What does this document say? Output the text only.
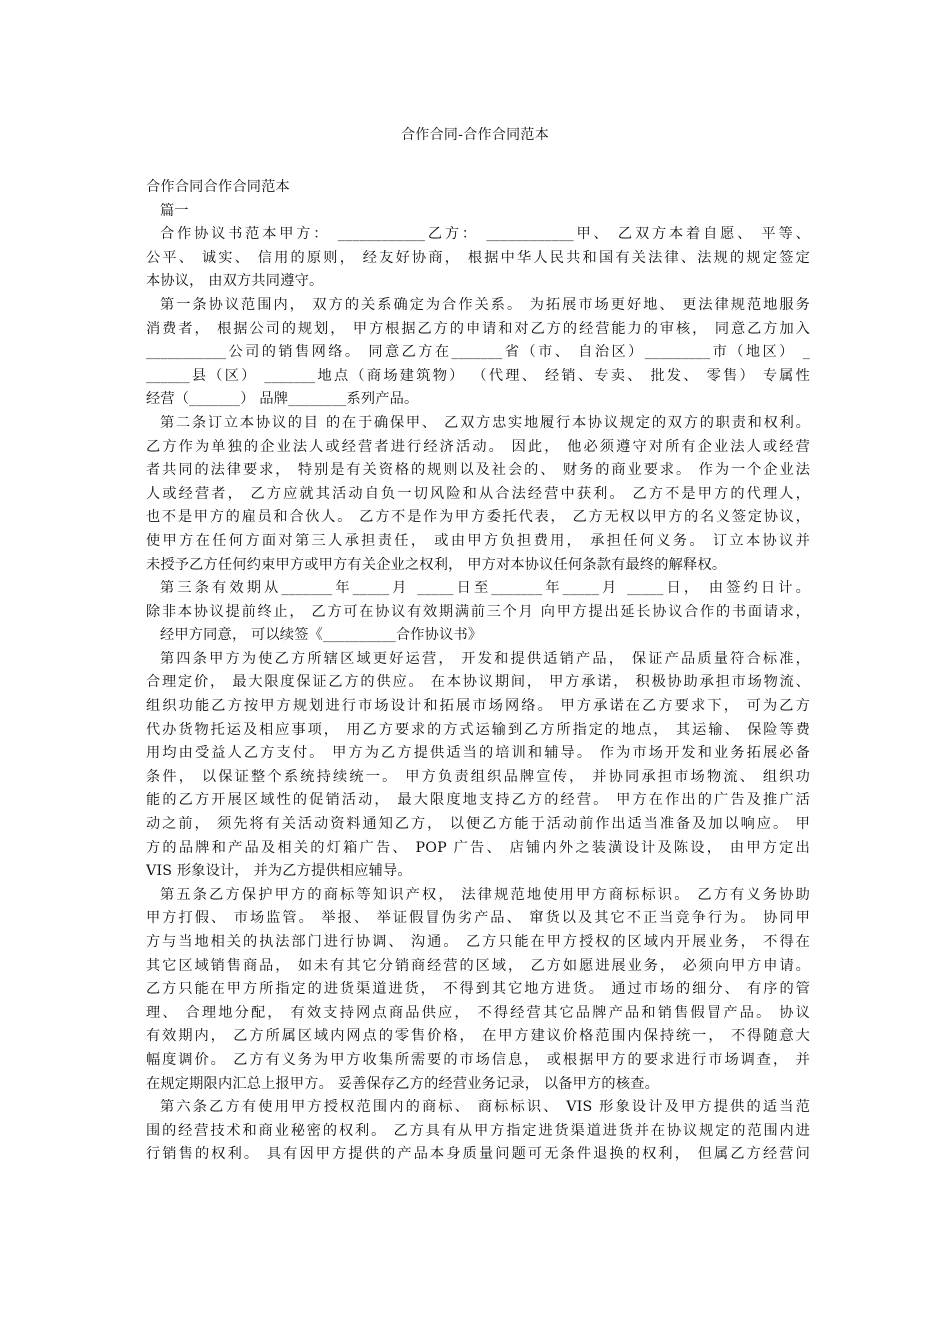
合作合同-合作合同范本
合作合同合作合同范本
篇一
合作协议书范本甲方： ____________乙方： ____________甲、 乙双方本着自愿、 平等、
公平、 诚实、 信用的原则， 经友好协商， 根据中华人民共和国有关法律、法规的规定签定
本协议， 由双方共同遵守。
第一条协议范围内， 双方的关系确定为合作关系。 为拓展市场更好地、 更法律规范地服务
消费者， 根据公司的规划， 甲方根据乙方的申请和对乙方的经营能力的审核， 同意乙方加入
___________公司的销售网络。 同意乙方在_______省（市、 自治区）_________市（地区） _
______县（区） _______地点（商场建筑物） （代理、 经销、专卖、 批发、 零售） 专属性
经营（_______） 品牌________系列产品。
第二条订立本协议的目 的在于确保甲、 乙双方忠实地履行本协议规定的双方的职责和权利。
乙方作为单独的企业法人或经营者进行经济活动。 因此， 他必须遵守对所有企业法人或经营
者共同的法律要求， 特别是有关资格的规则以及社会的、 财务的商业要求。 作为一个企业法
人或经营者， 乙方应就其活动自负一切风险和从合法经营中获利。 乙方不是甲方的代理人，
也不是甲方的雇员和合伙人。 乙方不是作为甲方委托代表， 乙方无权以甲方的名义签定协议，
使甲方在任何方面对第三人承担责任， 或由甲方负担费用， 承担任何义务。 订立本协议并
未授予乙方任何约束甲方或甲方有关企业之权利， 甲方对本协议任何条款有最终的解释权。
第三条有效期从_______年_____月 _____日至_______年_____月 _____日， 由签约日计。
除非本协议提前终止， 乙方可在协议有效期满前三个月 向甲方提出延长协议合作的书面请求，
经甲方同意， 可以续签《__________合作协议书》
第四条甲方为使乙方所辖区域更好运营， 开发和提供适销产品， 保证产品质量符合标准，
合理定价， 最大限度保证乙方的供应。 在本协议期间， 甲方承诺， 积极协助承担市场物流、
组织功能乙方按甲方规划进行市场设计和拓展市场网络。 甲方承诺在乙方要求下， 可为乙方
代办货物托运及相应事项， 用乙方要求的方式运输到乙方所指定的地点， 其运输、 保险等费
用均由受益人乙方支付。 甲方为乙方提供适当的培训和辅导。 作为市场开发和业务拓展必备
条件， 以保证整个系统持续统一。 甲方负责组织品牌宣传， 并协同承担市场物流、 组织功
能的乙方开展区域性的促销活动， 最大限度地支持乙方的经营。 甲方在作出的广告及推广活
动之前， 须先将有关活动资料通知乙方， 以便乙方能于活动前作出适当准备及加以响应。 甲
方的品牌和产品及相关的灯箱广告、 POP 广告、 店铺内外之装潢设计及陈设， 由甲方定出
VIS 形象设计， 并为乙方提供相应辅导。
第五条乙方保护甲方的商标等知识产权， 法律规范地使用甲方商标标识。 乙方有义务协助
甲方打假、 市场监管。 举报、 举证假冒伪劣产品、 窜货以及其它不正当竞争行为。 协同甲
方与当地相关的执法部门进行协调、 沟通。 乙方只能在甲方授权的区域内开展业务， 不得在
其它区域销售商品， 如未有其它分销商经营的区域， 乙方如愿进展业务， 必须向甲方申请。
乙方只能在甲方所指定的进货渠道进货， 不得到其它地方进货。 通过市场的细分、 有序的管
理、 合理地分配， 有效支持网点商品供应， 不得经营其它品牌产品和销售假冒产品。 协议
有效期内， 乙方所属区域内网点的零售价格， 在甲方建议价格范围内保持统一， 不得随意大
幅度调价。 乙方有义务为甲方收集所需要的市场信息， 或根据甲方的要求进行市场调查， 并
在规定期限内汇总上报甲方。 妥善保存乙方的经营业务记录， 以备甲方的核查。
第六条乙方有使用甲方授权范围内的商标、 商标标识、 VIS 形象设计及甲方提供的适当范
围的经营技术和商业秘密的权利。 乙方具有从甲方指定进货渠道进货并在协议规定的范围内进
行销售的权利。 具有因甲方提供的产品本身质量问题可无条件退换的权利， 但属乙方经营问
